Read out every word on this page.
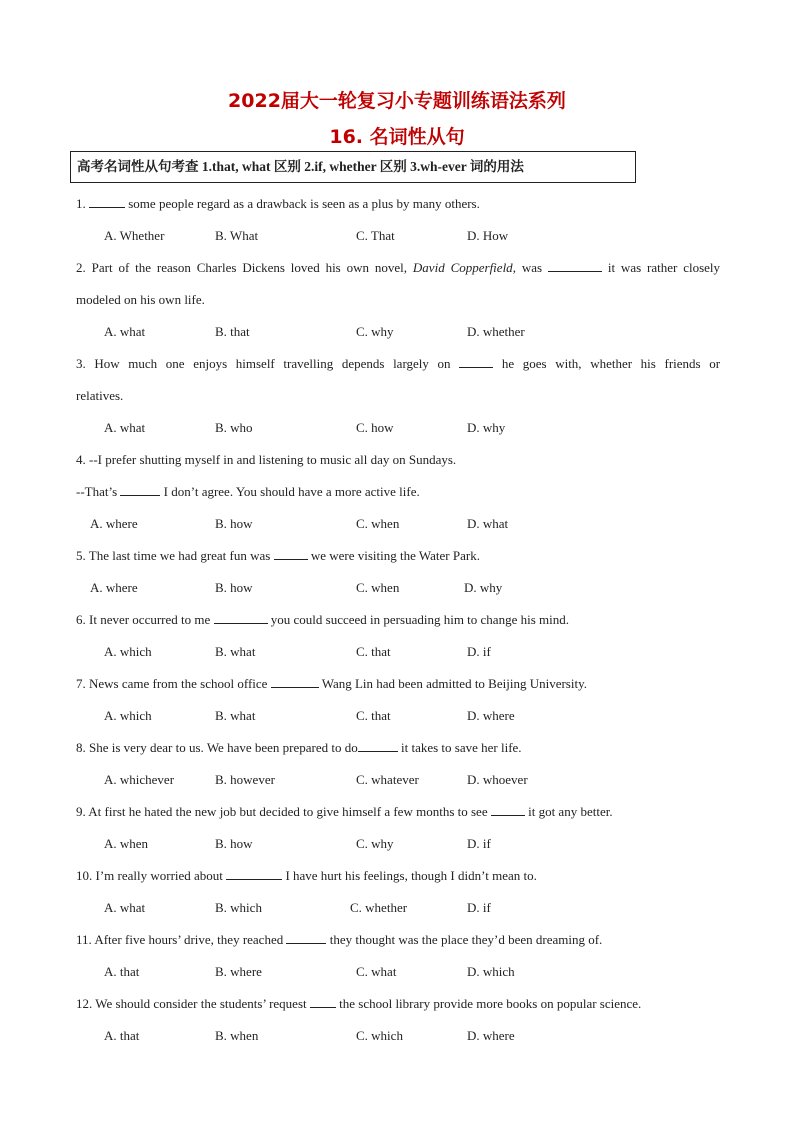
2022届大一轮复习小专题训练语法系列
16. 名词性从句
高考名词性从句考查 1.that, what 区别 2.if, whether 区别 3.wh-ever 词的用法
1.	some people regard as a drawback is seen as a plus by many others.
A. Whether	B. What	C. That	D. How
2. Part of the reason Charles Dickens loved his own novel, David Copperfield, was	it was rather closely
modeled on his own life.
A. what	B. that	C. why	D. whether
3. How much one enjoys himself travelling depends largely on	he goes with, whether his friends or
relatives.
A. what	B. who	C. how	D. why
4. --I prefer shutting myself in and listening to music all day on Sundays.
--That’s	I don’t agree. You should have a more active life.
A. where	B. how	C. when	D. what
5. The last time we had great fun was	we were visiting the Water Park.
A. where	B. how	C. when	D. why
6. It never occurred to me	you could succeed in persuading him to change his mind.
A. which	B. what	C. that	D. if
7. News came from the school office	Wang Lin had been admitted to Beijing University.
A. which	B. what	C. that	D. where
8. She is very dear to us. We have been prepared to do	it takes to save her life.
A. whichever	B. however	C. whatever	D. whoever
9. At first he hated the new job but decided to give himself a few months to see	it got any better.
A. when	B. how	C. why	D. if
10. I’m really worried about	I have hurt his feelings, though I didn’t mean to.
A. what	B. which	C. whether	D. if
11. After five hours’ drive, they reached	they thought was the place they’d been dreaming of.
A. that	B. where	C. what	D. which
12. We should consider the students’ request	the school library provide more books on popular science.
A. that	B. when	C. which	D. where
